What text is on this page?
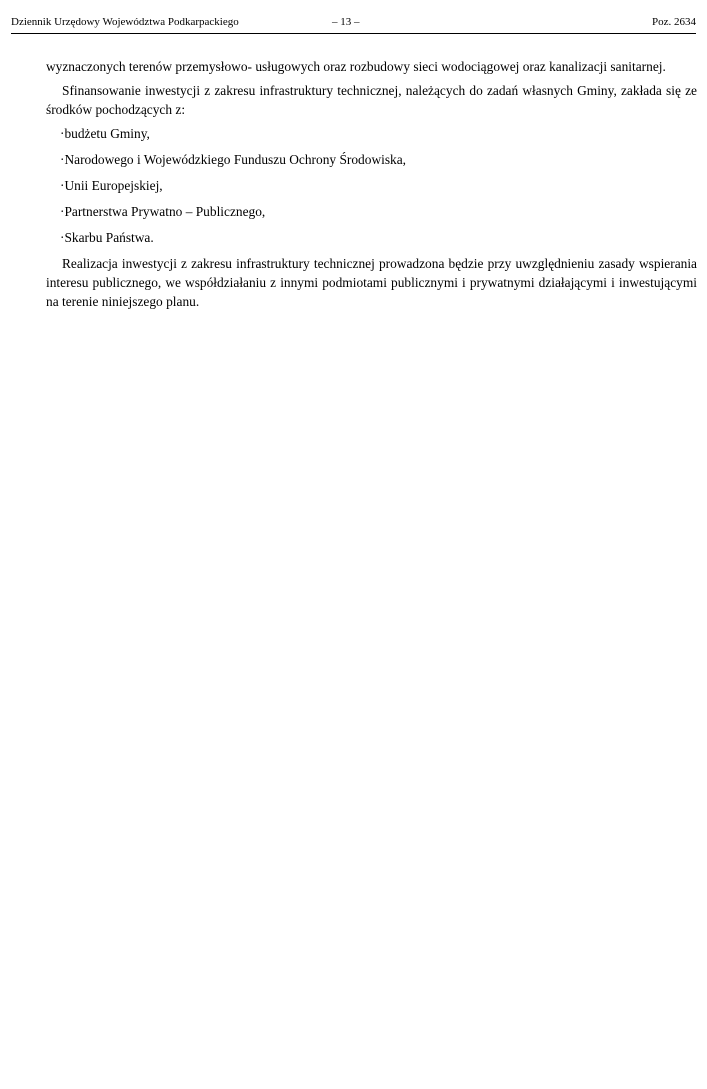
Dziennik Urzędowy Województwa Podkarpackiego	– 13 –	Poz. 2634

wyznaczonych terenów przemysłowo- usługowych oraz rozbudowy sieci wodociągowej oraz kanalizacji sanitarnej.

Sfinansowanie inwestycji z zakresu infrastruktury technicznej, należących do zadań własnych Gminy, zakłada się ze środków pochodzących z:

·budżetu Gminy,
·Narodowego i Wojewódzkiego Funduszu Ochrony Środowiska,
·Unii Europejskiej,
·Partnerstwa Prywatno – Publicznego,
·Skarbu Państwa.

Realizacja inwestycji z zakresu infrastruktury technicznej prowadzona będzie przy uwzględnieniu zasady wspierania interesu publicznego, we współdziałaniu z innymi podmiotami publicznymi i prywatnymi działającymi i inwestującymi na terenie niniejszego planu.
